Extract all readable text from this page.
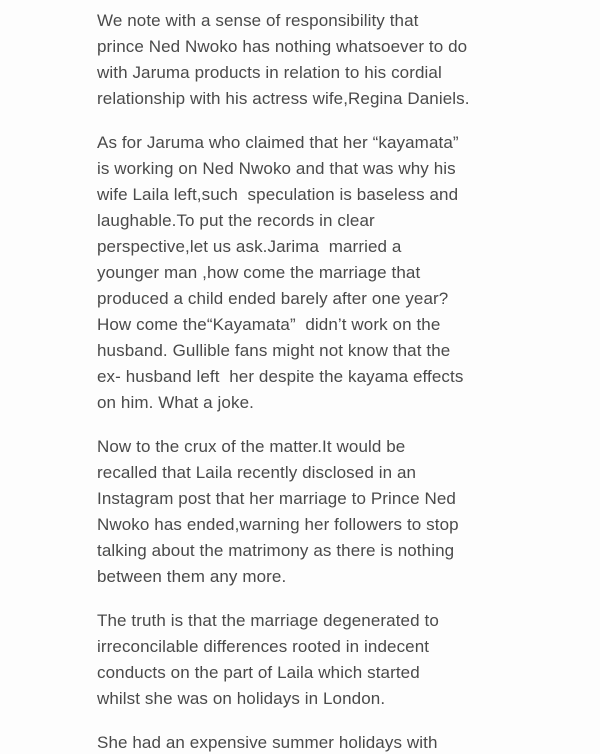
We note with a sense of responsibility that
prince Ned Nwoko has nothing whatsoever to do
with Jaruma products in relation to his cordial
relationship with his actress wife,Regina Daniels.

As for Jaruma who claimed that her “kayamata”
is working on Ned Nwoko and that was why his
wife Laila left,such  speculation is baseless and
laughable.To put the records in clear
perspective,let us ask.Jarima  married a
younger man ,how come the marriage that
produced a child ended barely after one year?
How come the“Kayamata”  didn’t work on the
husband. Gullible fans might not know that the
ex- husband left  her despite the kayama effects
on him. What a joke.

Now to the crux of the matter.It would be
recalled that Laila recently disclosed in an
Instagram post that her marriage to Prince Ned
Nwoko has ended,warning her followers to stop
talking about the matrimony as there is nothing
between them any more.

The truth is that the marriage degenerated to
irreconcilable differences rooted in indecent
conducts on the part of Laila which started
whilst she was on holidays in London.

She had an expensive summer holidays with
